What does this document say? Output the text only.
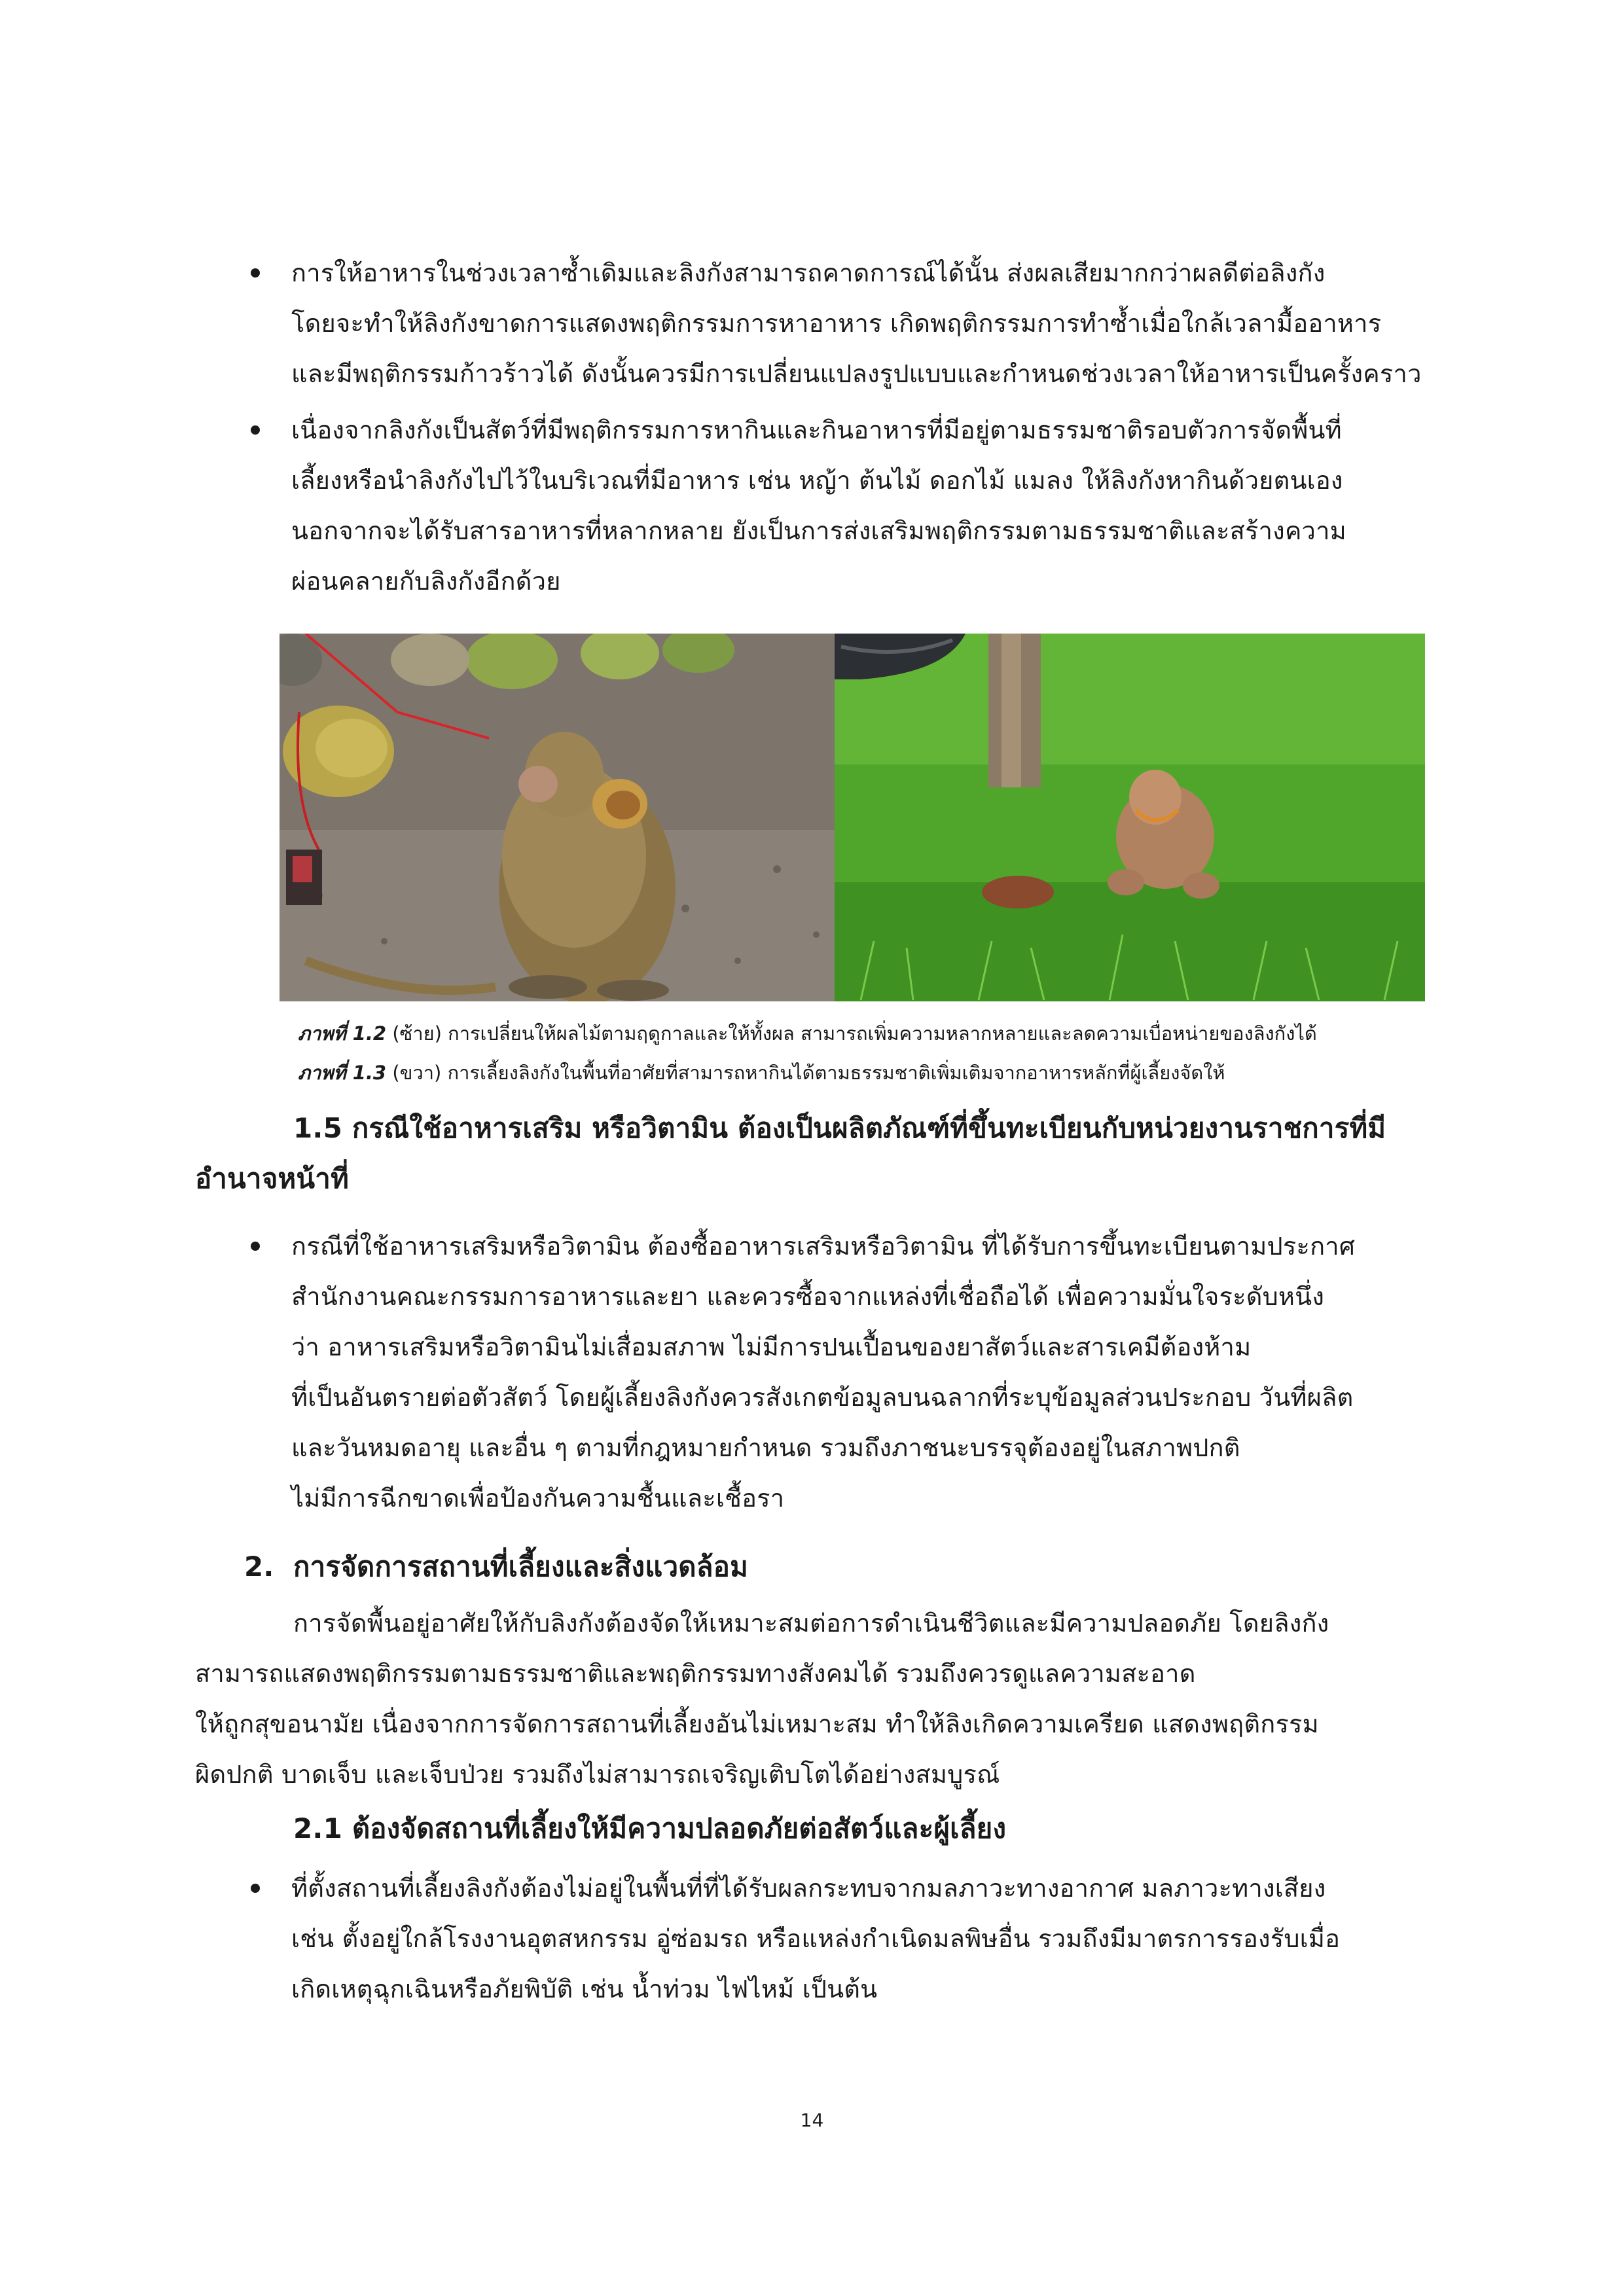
การให้อาหารในช่วงเวลาซ้ำเดิมและลิงกังสามารถคาดการณ์ได้นั้น ส่งผลเสียมากกว่าผลดีต่อลิงกัง
โดยจะทำให้ลิงกังขาดการแสดงพฤติกรรมการหาอาหาร เกิดพฤติกรรมการทำซ้ำเมื่อใกล้เวลามื้ออาหาร
และมีพฤติกรรมก้าวร้าวได้ ดังนั้นควรมีการเปลี่ยนแปลงรูปแบบและกำหนดช่วงเวลาให้อาหารเป็นครั้งคราว
เนื่องจากลิงกังเป็นสัตว์ที่มีพฤติกรรมการหากินและกินอาหารที่มีอยู่ตามธรรมชาติรอบตัวการจัดพื้นที่
เลี้ยงหรือนำลิงกังไปไว้ในบริเวณที่มีอาหาร เช่น หญ้า ต้นไม้ ดอกไม้ แมลง ให้ลิงกังหากินด้วยตนเอง
นอกจากจะได้รับสารอาหารที่หลากหลาย ยังเป็นการส่งเสริมพฤติกรรมตามธรรมชาติและสร้างความ
ผ่อนคลายกับลิงกังอีกด้วย
ภาพที่ 1.2 (ซ้าย) การเปลี่ยนให้ผลไม้ตามฤดูกาลและให้ทั้งผล สามารถเพิ่มความหลากหลายและลดความเบื่อหน่ายของลิงกังได้
ภาพที่ 1.3 (ขวา) การเลี้ยงลิงกังในพื้นที่อาศัยที่สามารถหากินได้ตามธรรมชาติเพิ่มเติมจากอาหารหลักที่ผู้เลี้ยงจัดให้
1.5 กรณีใช้อาหารเสริม หรือวิตามิน ต้องเป็นผลิตภัณฑ์ที่ขึ้นทะเบียนกับหน่วยงานราชการที่มี
อำนาจหน้าที่
กรณีที่ใช้อาหารเสริมหรือวิตามิน ต้องซื้ออาหารเสริมหรือวิตามิน ที่ได้รับการขึ้นทะเบียนตามประกาศ
สำนักงานคณะกรรมการอาหารและยา และควรซื้อจากแหล่งที่เชื่อถือได้ เพื่อความมั่นใจระดับหนึ่ง
ว่า อาหารเสริมหรือวิตามินไม่เสื่อมสภาพ ไม่มีการปนเปื้อนของยาสัตว์และสารเคมีต้องห้าม
ที่เป็นอันตรายต่อตัวสัตว์ โดยผู้เลี้ยงลิงกังควรสังเกตข้อมูลบนฉลากที่ระบุข้อมูลส่วนประกอบ วันที่ผลิต
และวันหมดอายุ และอื่น ๆ ตามที่กฎหมายกำหนด รวมถึงภาชนะบรรจุต้องอยู่ในสภาพปกติ
ไม่มีการฉีกขาดเพื่อป้องกันความชื้นและเชื้อรา
2. การจัดการสถานที่เลี้ยงและสิ่งแวดล้อม
การจัดพื้นอยู่อาศัยให้กับลิงกังต้องจัดให้เหมาะสมต่อการดำเนินชีวิตและมีความปลอดภัย โดยลิงกัง
สามารถแสดงพฤติกรรมตามธรรมชาติและพฤติกรรมทางสังคมได้ รวมถึงควรดูแลความสะอาด
ให้ถูกสุขอนามัย เนื่องจากการจัดการสถานที่เลี้ยงอันไม่เหมาะสม ทำให้ลิงเกิดความเครียด แสดงพฤติกรรม
ผิดปกติ บาดเจ็บ และเจ็บป่วย รวมถึงไม่สามารถเจริญเติบโตได้อย่างสมบูรณ์
2.1 ต้องจัดสถานที่เลี้ยงให้มีความปลอดภัยต่อสัตว์และผู้เลี้ยง
ที่ตั้งสถานที่เลี้ยงลิงกังต้องไม่อยู่ในพื้นที่ที่ได้รับผลกระทบจากมลภาวะทางอากาศ มลภาวะทางเสียง
เช่น ตั้งอยู่ใกล้โรงงานอุตสหกรรม อู่ซ่อมรถ หรือแหล่งกำเนิดมลพิษอื่น รวมถึงมีมาตรการรองรับเมื่อ
เกิดเหตุฉุกเฉินหรือภัยพิบัติ เช่น น้ำท่วม ไฟไหม้ เป็นต้น
14
